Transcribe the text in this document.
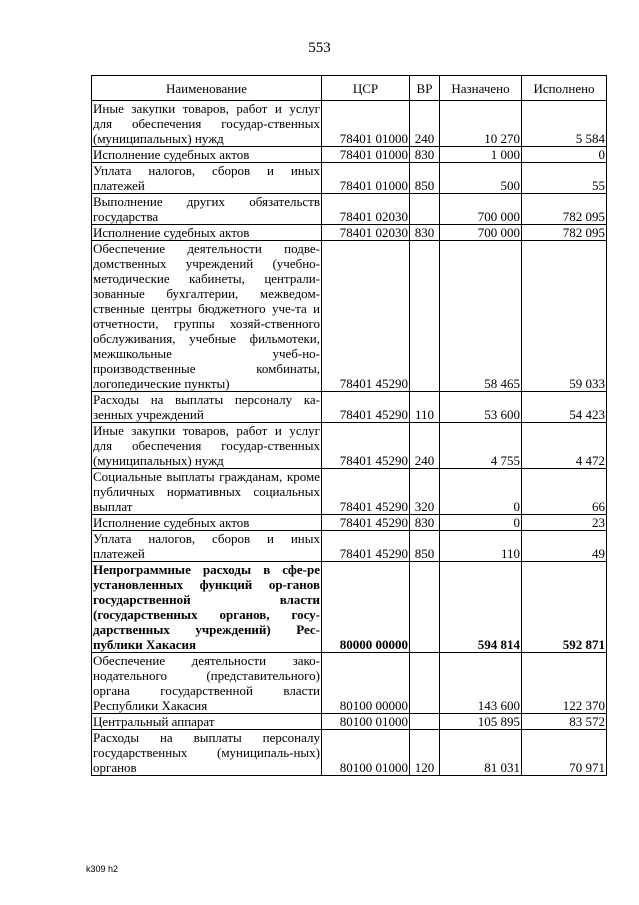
553
Наименование	ЦСР	ВР	Назначено	Исполнено
Иные закупки товаров, работ и услуг для обеспечения государ-ственных (муниципальных) нужд	78401 01000	240	10 270	5 584
Исполнение судебных актов	78401 01000	830	1 000	0
Уплата налогов, сборов и иных платежей	78401 01000	850	500	55
Выполнение других обязательств государства	78401 02030		700 000	782 095
Исполнение судебных актов	78401 02030	830	700 000	782 095
Обеспечение деятельности подве-домственных учреждений (учебно-методические кабинеты, централи-зованные бухгалтерии, межведом-ственные центры бюджетного уче-та и отчетности, группы хозяй-ственного обслуживания, учебные фильмотеки, межшкольные учеб-но-производственные комбинаты, логопедические пункты)	78401 45290		58 465	59 033
Расходы на выплаты персоналу ка-зенных учреждений	78401 45290	110	53 600	54 423
Иные закупки товаров, работ и услуг для обеспечения государ-ственных (муниципальных) нужд	78401 45290	240	4 755	4 472
Социальные выплаты гражданам, кроме публичных нормативных социальных выплат	78401 45290	320	0	66
Исполнение судебных актов	78401 45290	830	0	23
Уплата налогов, сборов и иных платежей	78401 45290	850	110	49
Непрограммные расходы в сфе-ре установленных функций ор-ганов государственной власти (государственных органов, госу-дарственных учреждений) Рес-публики Хакасия	80000 00000		594 814	592 871
Обеспечение деятельности зако-нодательного (представительного) органа государственной власти Республики Хакасия	80100 00000		143 600	122 370
Центральный аппарат	80100 01000		105 895	83 572
Расходы на выплаты персоналу государственных (муниципаль-ных) органов	80100 01000	120	81 031	70 971
k309 h2
